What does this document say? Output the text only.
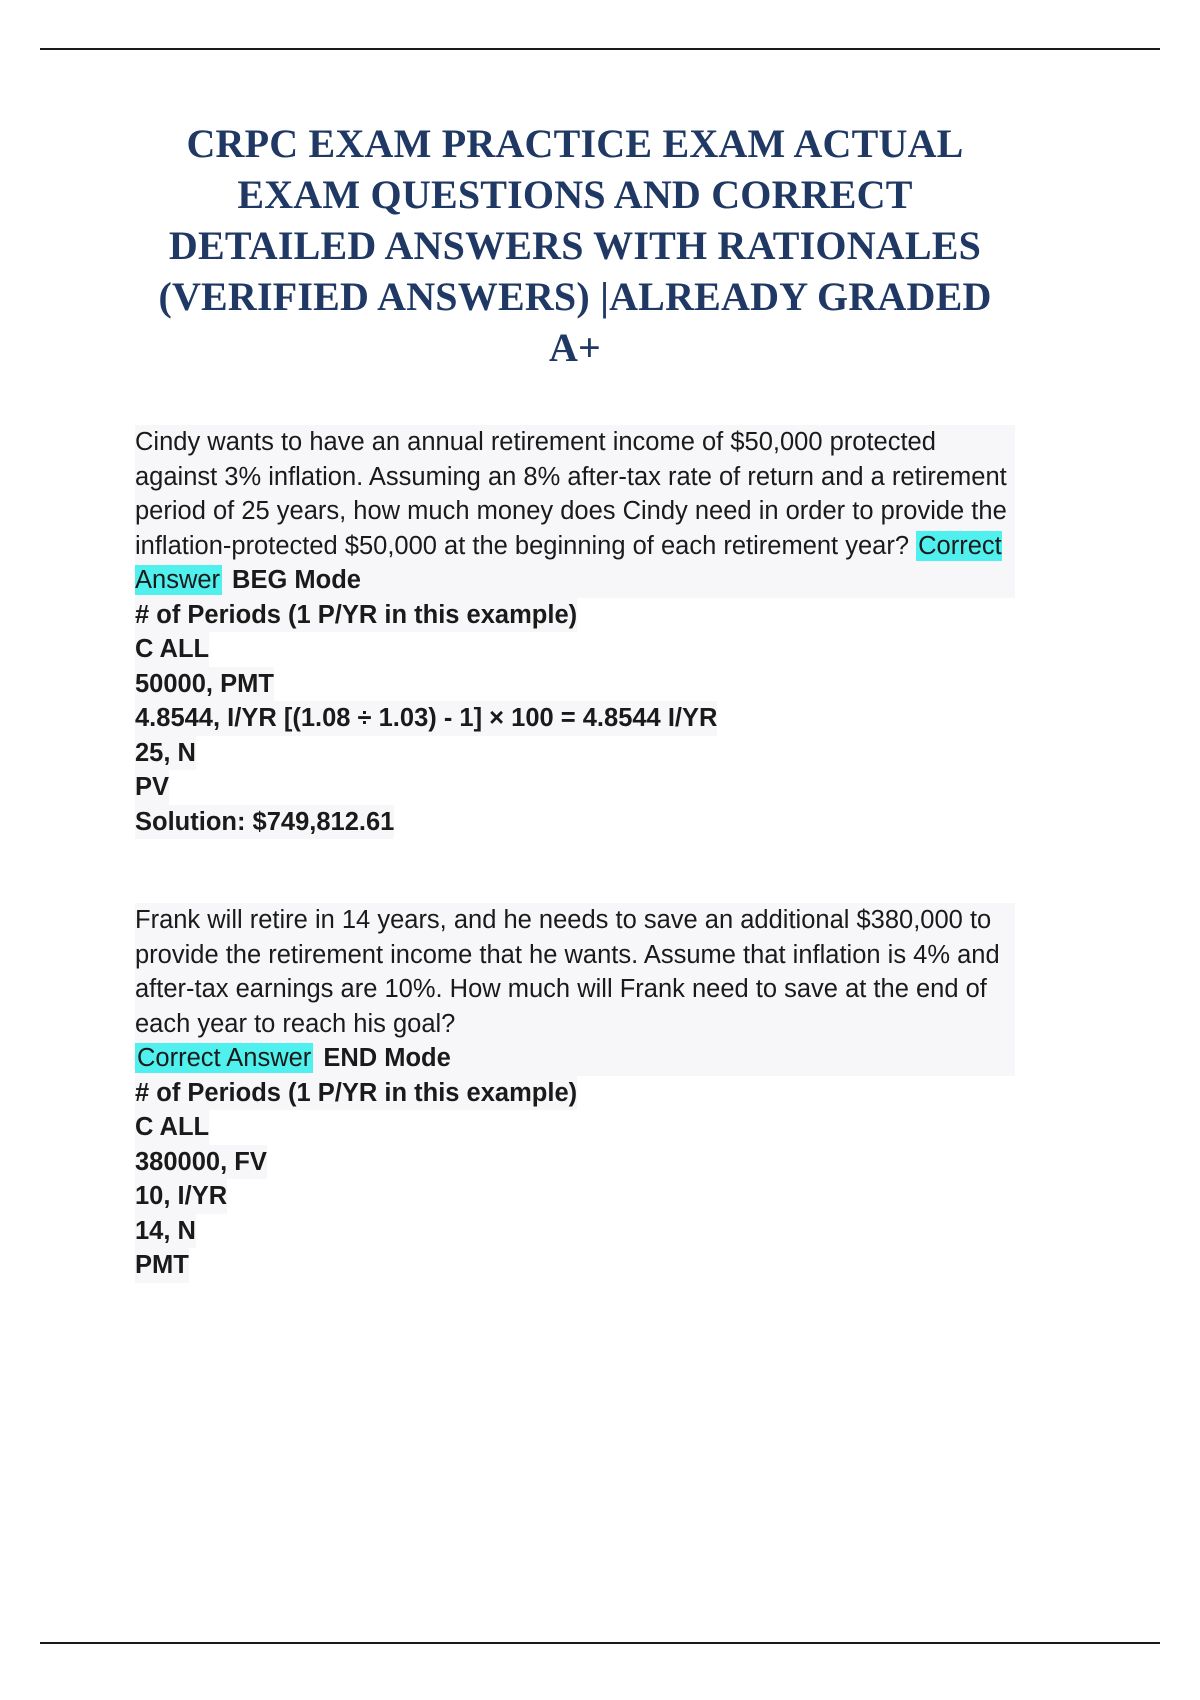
CRPC EXAM PRACTICE EXAM ACTUAL EXAM QUESTIONS AND CORRECT DETAILED ANSWERS WITH RATIONALES (VERIFIED ANSWERS) |ALREADY GRADED A+

Cindy wants to have an annual retirement income of $50,000 protected against 3% inflation. Assuming an 8% after-tax rate of return and a retirement period of 25 years, how much money does Cindy need in order to provide the inflation-protected $50,000 at the beginning of each retirement year? Correct Answer BEG Mode

# of Periods (1 P/YR in this example)
C ALL
50000, PMT
4.8544, I/YR [(1.08 ÷ 1.03) - 1] × 100 = 4.8544 I/YR
25, N
PV
Solution: $749,812.61

Frank will retire in 14 years, and he needs to save an additional $380,000 to provide the retirement income that he wants. Assume that inflation is 4% and after-tax earnings are 10%. How much will Frank need to save at the end of each year to reach his goal?
Correct Answer END Mode

# of Periods (1 P/YR in this example)
C ALL
380000, FV
10, I/YR
14, N
PMT
